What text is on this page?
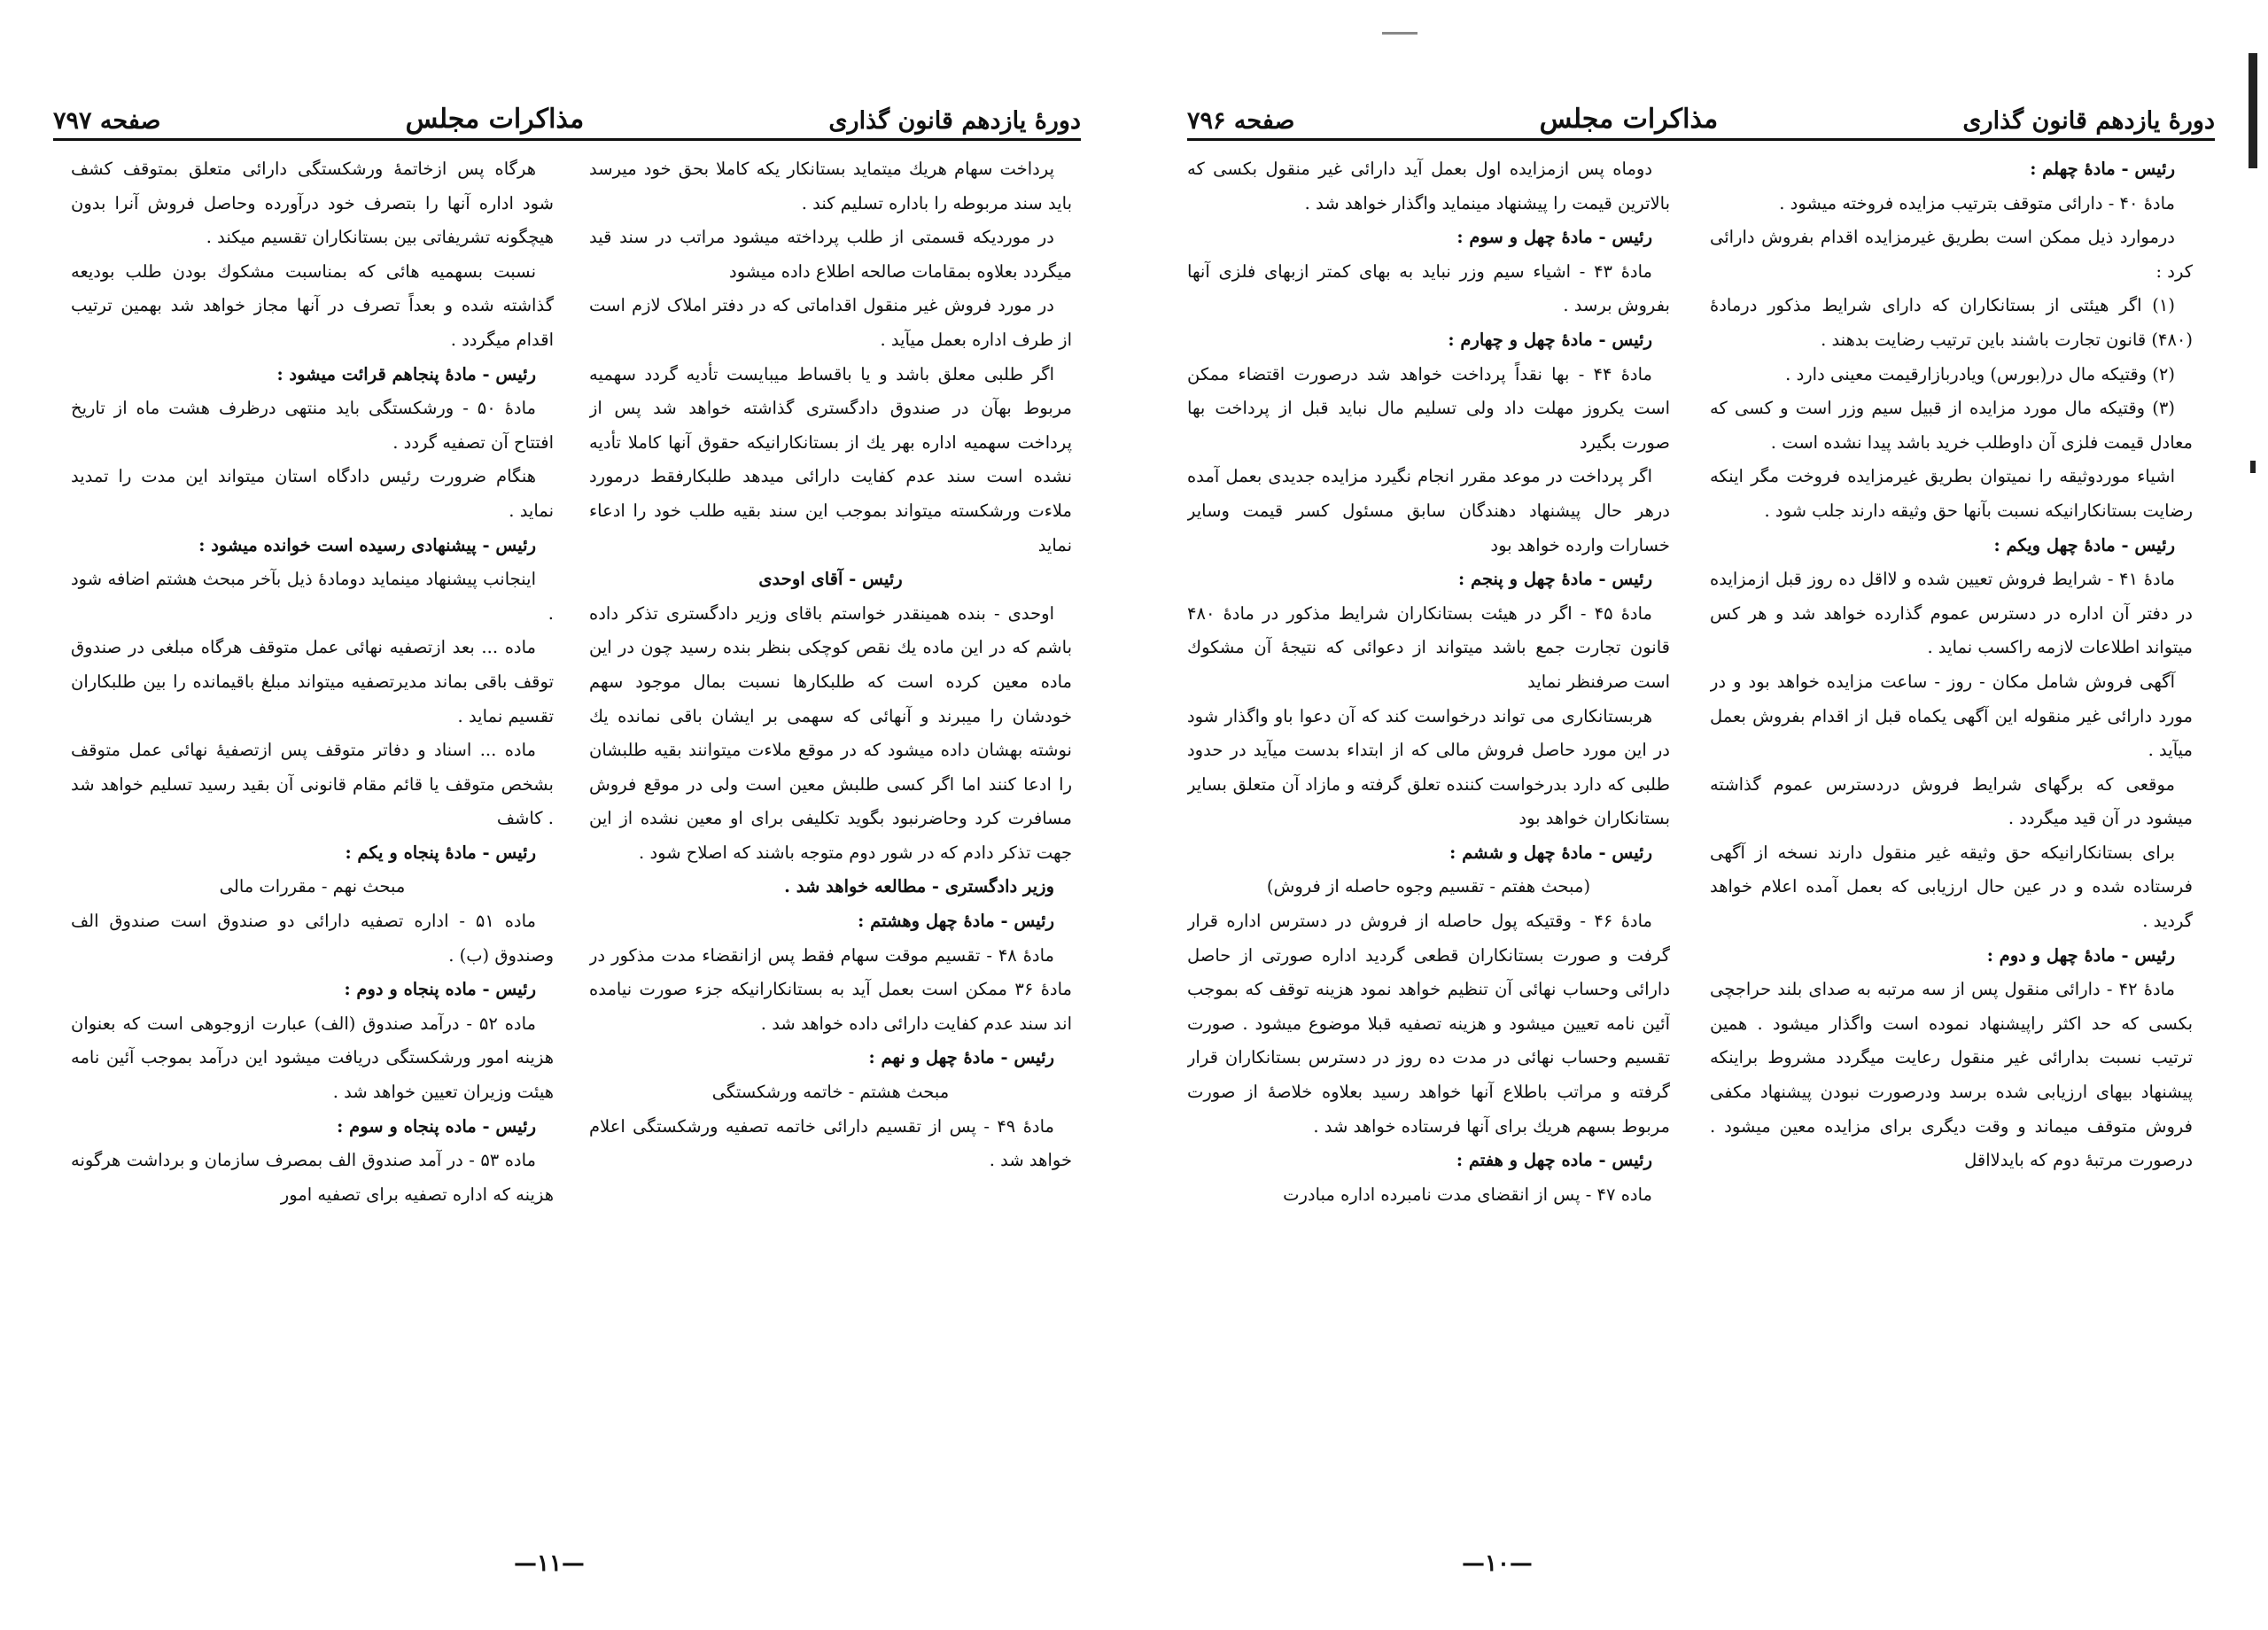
دورهٔ یازدهم قانون گذاری
مذاکرات مجلس
صفحه ۷۹۷

پرداخت سهام هریك میتماید بستانکار یکه کاملا بحق خود میرسد باید سند مربوطه را باداره تسلیم کند .

در موردیکه قسمتی از طلب پرداخته میشود مراتب در سند قید میگردد بعلاوه بمقامات صالحه اطلاع داده میشود

در مورد فروش غیر منقول اقداماتی که در دفتر املاک لازم است از طرف اداره بعمل میآید .

اگر طلبی معلق باشد و یا باقساط میبایست تأدیه گردد سهمیه مربوط بهآن در صندوق دادگستری گذاشته خواهد شد پس از پرداخت سهمیه اداره بهر یك از بستانکارانیکه حقوق آنها کاملا تأدیه نشده است سند عدم کفایت دارائی میدهد طلبکارفقط درمورد ملاءت ورشکسته میتواند بموجب این سند بقیه طلب خود را ادعاء نماید

رئیس - آقای اوحدی

اوحدی - بنده همینقدر خواستم باقای وزیر دادگستری تذکر داده باشم که در این ماده یك نقص کوچکی بنظر بنده رسید چون در این ماده معین کرده است که طلبکارها نسبت بمال موجود سهم خودشان را میبرند و آنهائی که سهمی بر ایشان باقی نمانده یك نوشته بهشان داده میشود که در موقع ملاءت میتوانند بقیه طلبشان را ادعا کنند اما اگر کسی طلبش معین است ولی در موقع فروش مسافرت کرد وحاضرنبود بگوید تکلیفی برای او معین نشده از این جهت تذکر دادم که در شور دوم متوجه باشند که اصلاح شود .

وزیر دادگستری - مطالعه خواهد شد .

رئیس - مادهٔ چهل وهشتم :

مادهٔ ۴۸ - تقسیم موقت سهام فقط پس ازانقضاء مدت مذکور در مادهٔ ۳۶ ممکن است بعمل آید به بستانکارانیکه جزء صورت نیامده اند سند عدم کفایت دارائی داده خواهد شد .

رئیس - مادهٔ چهل و نهم :

مبحث هشتم - خاتمه ورشکستگی

مادهٔ ۴۹ - پس از تقسیم دارائی خاتمه تصفیه ورشکستگی اعلام خواهد شد .

هرگاه پس ازخاتمهٔ ورشکستگی دارائی متعلق بمتوقف کشف شود اداره آنها را بتصرف خود درآورده وحاصل فروش آنرا بدون هیچگونه تشریفاتی بین بستانکاران تقسیم میکند .

نسبت بسهمیه هائی که بمناسبت مشکوك بودن طلب بودیعه گذاشته شده و بعداً تصرف در آنها مجاز خواهد شد بهمین ترتیب اقدام میگردد .

رئیس - مادهٔ پنجاهم قرائت میشود :

مادهٔ ۵۰ - ورشکستگی باید منتهی درظرف هشت ماه از تاریخ افتتاح آن تصفیه گردد .

هنگام ضرورت رئیس دادگاه استان میتواند این مدت را تمدید نماید .

رئیس - پیشنهادی رسیده است خوانده میشود :

اینجانب پیشنهاد مینماید دومادهٔ ذیل بآخر مبحث هشتم اضافه شود .

ماده ... بعد ازتصفیه نهائی عمل متوقف هرگاه مبلغی در صندوق توقف باقی بماند مدیرتصفیه میتواند مبلغ باقیمانده را بین طلبکاران تقسیم نماید .

ماده ... اسناد و دفاتر متوقف پس ازتصفیهٔ نهائی عمل متوقف بشخص متوقف یا قائم مقام قانونی آن بقید رسید تسلیم خواهد شد . کاشف

رئیس - مادهٔ پنجاه و یکم :

مبحث نهم - مقررات مالی

ماده ۵۱ - اداره تصفیه دارائی دو صندوق است صندوق الف وصندوق (ب) .

رئیس - ماده پنجاه و دوم :

ماده ۵۲ - درآمد صندوق (الف) عبارت ازوجوهی است که بعنوان هزینه امور ورشکستگی دریافت میشود این درآمد بموجب آئین نامه هیئت وزیران تعیین خواهد شد .

رئیس - ماده پنجاه و سوم :

ماده ۵۳ - در آمد صندوق الف بمصرف سازمان و برداشت هرگونه هزینه که اداره تصفیه برای تصفیه امور

—۱۱—
دورهٔ یازدهم قانون گذاری
مذاکرات مجلس
صفحه ۷۹۶

رئیس - مادهٔ چهلم :

مادهٔ ۴۰ - دارائی متوقف بترتیب مزایده فروخته میشود .

درموارد ذیل ممکن است بطریق غیرمزایده اقدام بفروش دارائی کرد :

(۱) اگر هیئتی از بستانکاران که دارای شرایط مذکور درمادهٔ (۴۸۰) قانون تجارت باشند باین ترتیب رضایت بدهند .

(۲) وقتیکه مال در(بورس) ویادربازارقیمت معینی دارد .

(۳) وقتیکه مال مورد مزایده از قبیل سیم وزر است و کسی که معادل قیمت فلزی آن داوطلب خرید باشد پیدا نشده است .

اشیاء موردوثیقه را نمیتوان بطریق غیرمزایده فروخت مگر اینکه رضایت بستانکارانیکه نسبت بآنها حق وثیقه دارند جلب شود .

رئیس - مادهٔ چهل ویکم :

مادهٔ ۴۱ - شرایط فروش تعیین شده و لااقل ده روز قبل ازمزایده در دفتر آن اداره در دسترس عموم گذارده خواهد شد و هر کس میتواند اطلاعات لازمه راکسب نماید .

آگهی فروش شامل مکان - روز - ساعت مزایده خواهد بود و در مورد دارائی غیر منقوله این آگهی یکماه قبل از اقدام بفروش بعمل میآید .

موقعی که برگهای شرایط فروش دردسترس عموم گذاشته میشود در آن قید میگردد .

برای بستانکارانیکه حق وثیقه غیر منقول دارند نسخه از آگهی فرستاده شده و در عین حال ارزیابی که بعمل آمده اعلام خواهد گردید .

رئیس - مادهٔ چهل و دوم :

مادهٔ ۴۲ - دارائی منقول پس از سه مرتبه به صدای بلند حراجچی بکسی که حد اکثر راپیشنهاد نموده است واگذار میشود . همین ترتیب نسبت بدارائی غیر منقول رعایت میگردد مشروط براینکه پیشنهاد بیهای ارزیابی شده برسد ودرصورت نبودن پیشنهاد مکفی فروش متوقف میماند و وقت دیگری برای مزایده معین میشود . درصورت مرتبهٔ دوم که بایدلااقل

دوماه پس ازمزایده اول بعمل آید دارائی غیر منقول بکسی که بالاترین قیمت را پیشنهاد مینماید واگذار خواهد شد .

رئیس - مادهٔ چهل و سوم :

مادهٔ ۴۳ - اشیاء سیم وزر نباید به بهای کمتر ازبهای فلزی آنها بفروش برسد .

رئیس - مادهٔ چهل و چهارم :

مادهٔ ۴۴ - بها نقداً پرداخت خواهد شد درصورت اقتضاء ممکن است یکروز مهلت داد ولی تسلیم مال نباید قبل از پرداخت بها صورت بگیرد

اگر پرداخت در موعد مقرر انجام نگیرد مزایده جدیدی بعمل آمده درهر حال پیشنهاد دهندگان سابق مسئول کسر قیمت وسایر خسارات وارده خواهد بود

رئیس - مادهٔ چهل و پنجم :

مادهٔ ۴۵ - اگر در هیئت بستانکاران شرایط مذکور در مادهٔ ۴۸۰ قانون تجارت جمع باشد میتواند از دعوائی که نتیجهٔ آن مشکوك است صرفنظر نماید

هربستانکاری می تواند درخواست کند که آن دعوا باو واگذار شود در این مورد حاصل فروش مالی که از ابتداء بدست میآید در حدود طلبی که دارد بدرخواست کننده تعلق گرفته و مازاد آن متعلق بسایر بستانکاران خواهد بود

رئیس - مادهٔ چهل و ششم :

(مبحث هفتم - تقسیم وجوه حاصله از فروش)

مادهٔ ۴۶ - وقتیکه پول حاصله از فروش در دسترس اداره قرار گرفت و صورت بستانکاران قطعی گردید اداره صورتی از حاصل دارائی وحساب نهائی آن تنظیم خواهد نمود هزینه توقف که بموجب آئین نامه تعیین میشود و هزینه تصفیه قبلا موضوع میشود . صورت تقسیم وحساب نهائی در مدت ده روز در دسترس بستانکاران قرار گرفته و مراتب باطلاع آنها خواهد رسید بعلاوه خلاصهٔ از صورت مربوط بسهم هریك برای آنها فرستاده خواهد شد .

رئیس - ماده چهل و هفتم :

ماده ۴۷ - پس از انقضای مدت نامبرده اداره مبادرت

—۱۰—
